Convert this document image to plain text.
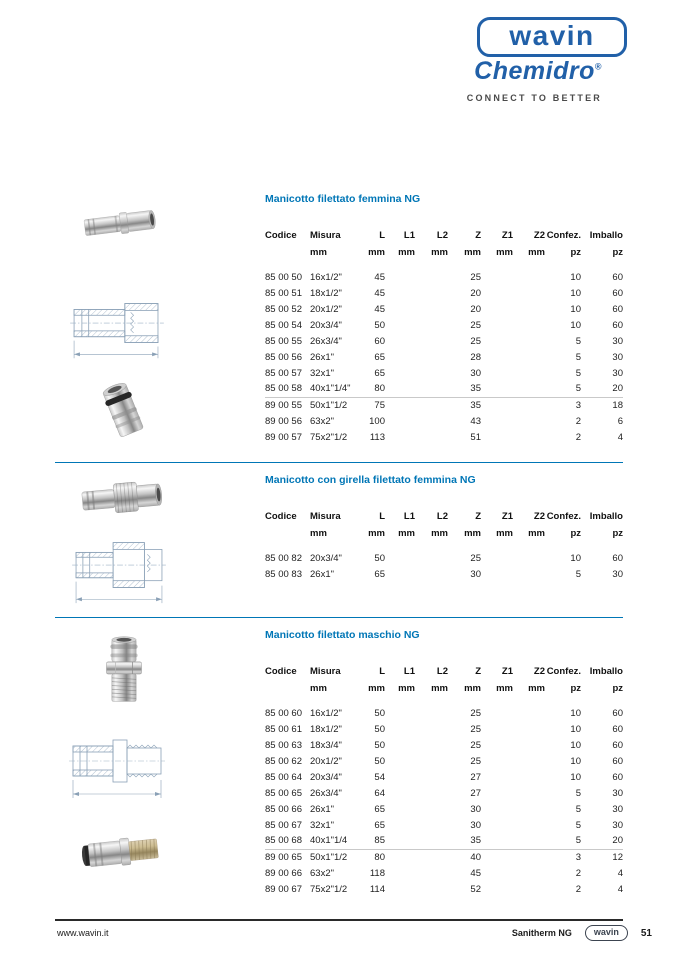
wavin
Chemidro®
CONNECT TO BETTER
Manicotto filettato femmina NG
Codice	Misura	L	L1	L2	Z	Z1	Z2	Confez.	Imballo
	mm	mm	mm	mm	mm	mm	mm	pz	pz
85 00 50	16x1/2"	45			25			10	60
85 00 51	18x1/2"	45			20			10	60
85 00 52	20x1/2"	45			20			10	60
85 00 54	20x3/4"	50			25			10	60
85 00 55	26x3/4"	60			25			5	30
85 00 56	26x1"	65			28			5	30
85 00 57	32x1"	65			30			5	30
85 00 58	40x1"1/4"	80			35			5	20
89 00 55	50x1"1/2	75			35			3	18
89 00 56	63x2"	100			43			2	6
89 00 57	75x2"1/2	113			51			2	4
Manicotto con girella filettato femmina NG
Codice	Misura	L	L1	L2	Z	Z1	Z2	Confez.	Imballo
	mm	mm	mm	mm	mm	mm	mm	pz	pz
85 00 82	20x3/4"	50			25			10	60
85 00 83	26x1"	65			30			5	30
Manicotto filettato maschio NG
Codice	Misura	L	L1	L2	Z	Z1	Z2	Confez.	Imballo
	mm	mm	mm	mm	mm	mm	mm	pz	pz
85 00 60	16x1/2"	50			25			10	60
85 00 61	18x1/2"	50			25			10	60
85 00 63	18x3/4"	50			25			10	60
85 00 62	20x1/2"	50			25			10	60
85 00 64	20x3/4"	54			27			10	60
85 00 65	26x3/4"	64			27			5	30
85 00 66	26x1"	65			30			5	30
85 00 67	32x1"	65			30			5	30
85 00 68	40x1"1/4	85			35			5	20
89 00 65	50x1"1/2	80			40			3	12
89 00 66	63x2"	118			45			2	4
89 00 67	75x2"1/2	114			52			2	4
www.wavin.it	Sanitherm NG	wavin	51
